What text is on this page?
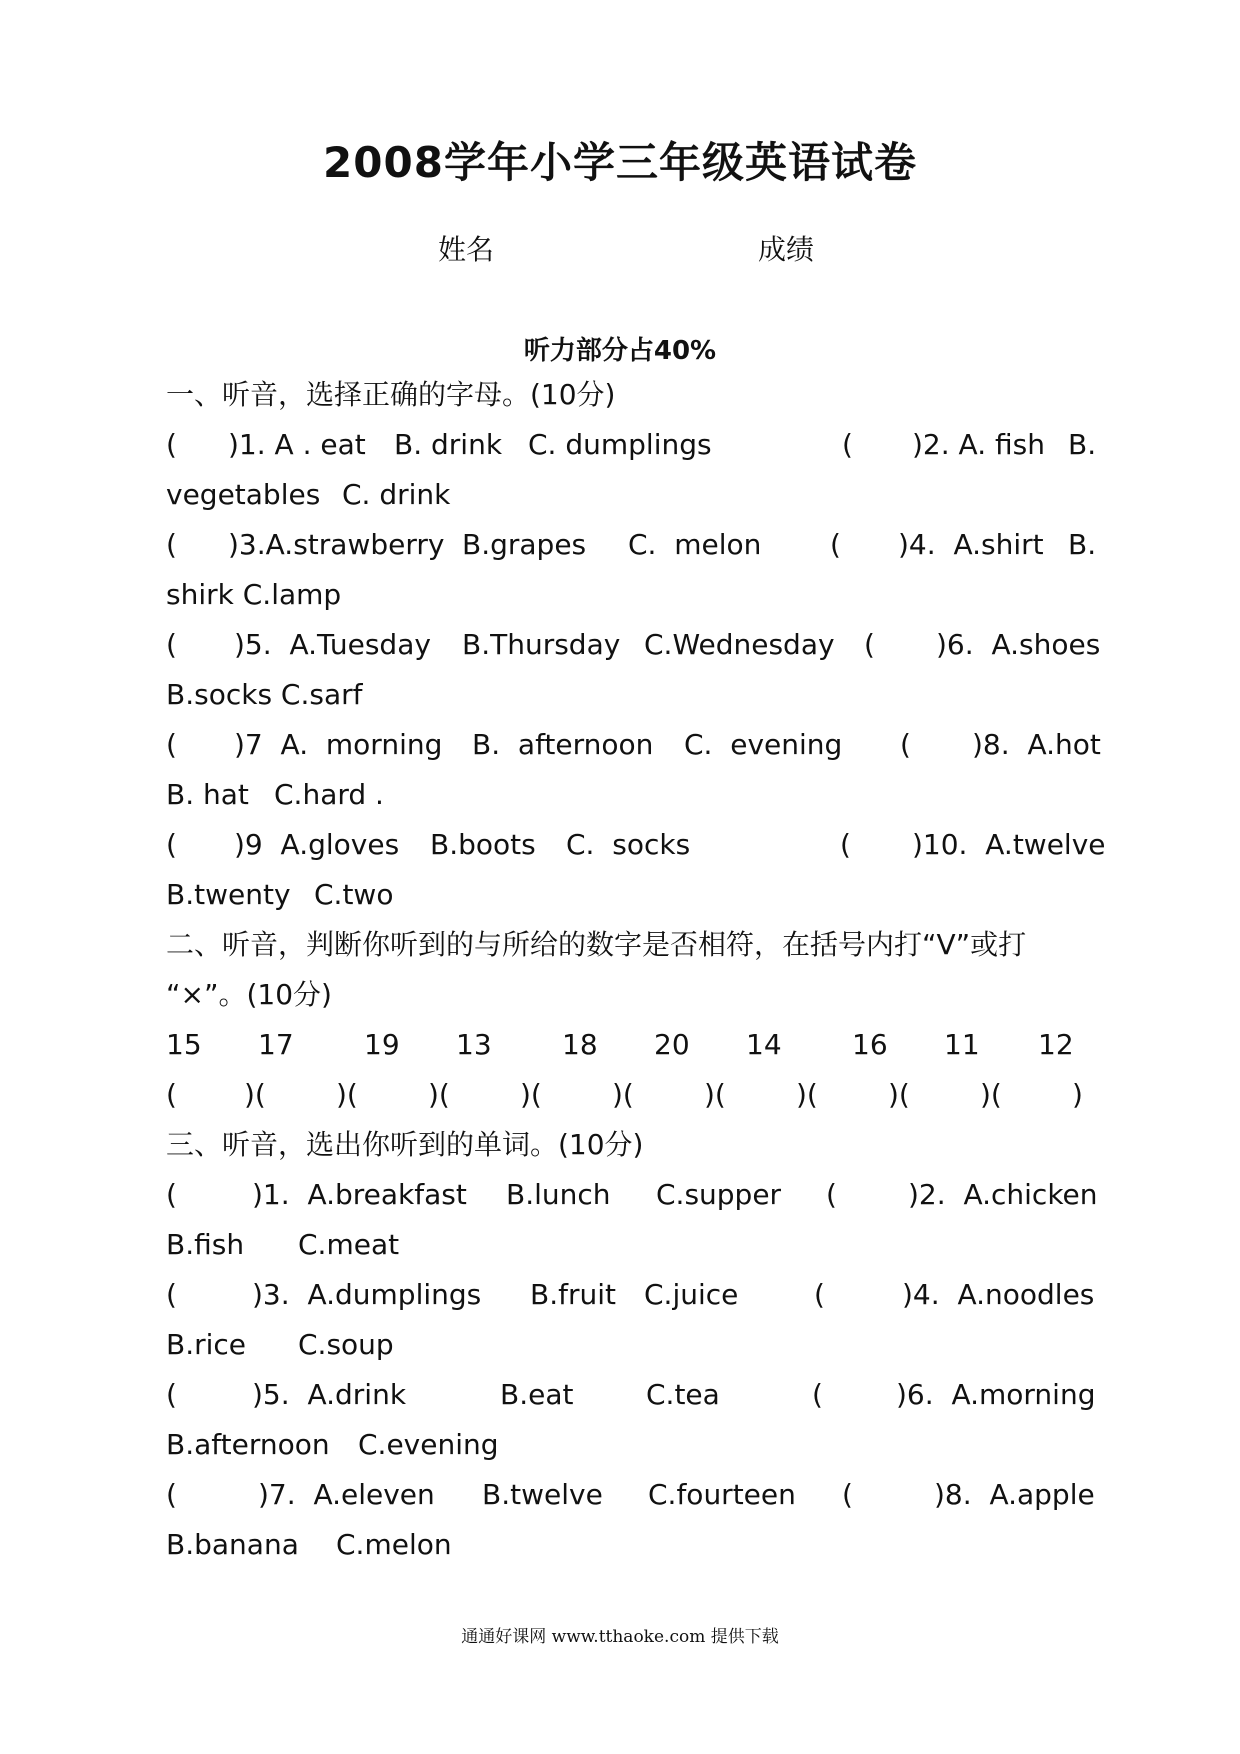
2008学年小学三年级英语试卷
姓名	成绩
听力部分占40%
一、听音，选择正确的字母。(10分)
( )1. A . eat B. drink C. dumplings	( )2. A. fish B.
vegetables C. drink
( )3.A.strawberry B.grapes C.  melon ( )4.  A.shirt B.
shirk C.lamp
( )5.  A.Tuesday B.Thursday C.Wednesday ( )6.  A.shoes
B.socks C.sarf
( )7  A.  morning B.  afternoon C.  evening ( )8.  A.hot
B. hat C.hard .
( )9  A.gloves B.boots C.  socks	( )10.  A.twelve
B.twenty C.two
二、听音，判断你听到的与所给的数字是否相符，在括号内打“V”或打
“×”。(10分)
15 17	19 13	18 20 14	16 11 12
( )(	)(	)(	)(	)(	)(	)(	)(	)(	)
三、听音，选出你听到的单词。(10分)
(	)1.  A.breakfast B.lunch C.supper (	)2.  A.chicken
B.fish C.meat
(	)3.  A.dumplings B.fruit C.juice	(	)4.  A.noodles
B.rice C.soup
(	)5.  A.drink	B.eat	C.tea	(	)6.  A.morning
B.afternoon C.evening
(	)7.  A.eleven B.twelve C.fourteen (	)8.  A.apple
B.banana C.melon
通通好课网 www.tthaoke.com 提供下载
